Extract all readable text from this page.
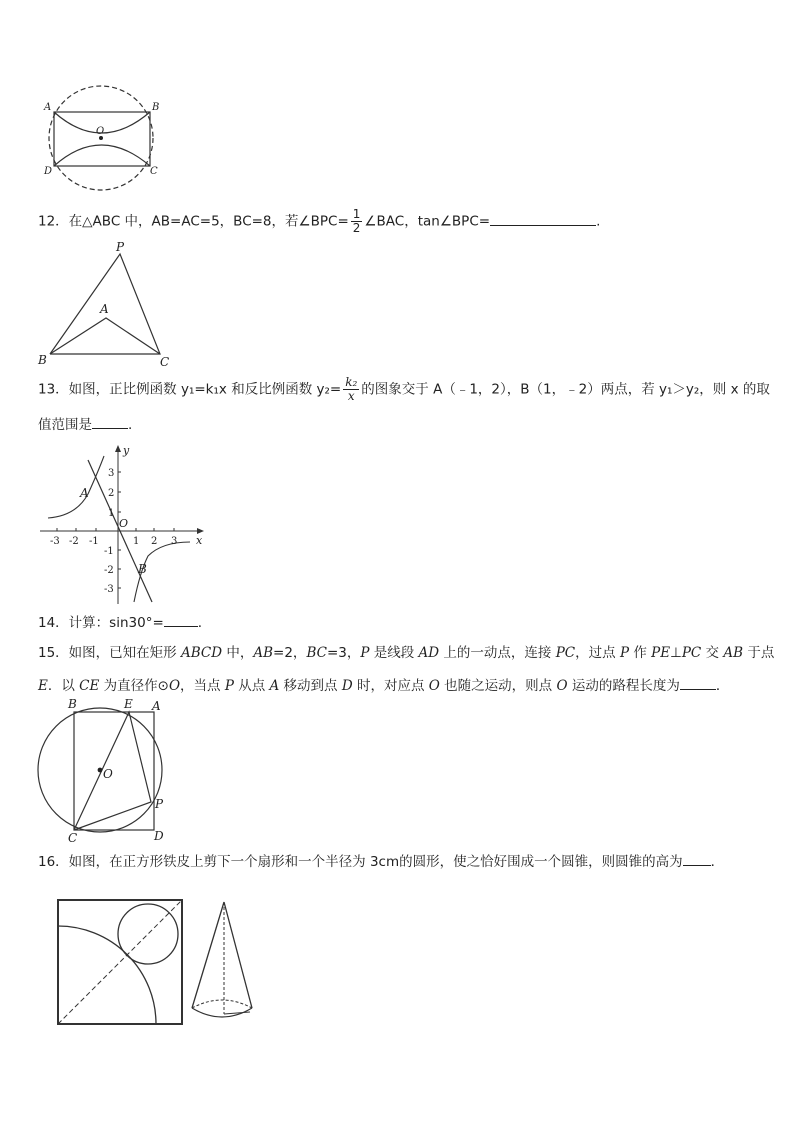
A	B
O
D	C
12．在△ABC 中，AB=AC=5，BC=8，若∠BPC= $\frac{1}{2}$ ∠BAC，tan∠BPC=	.
P
A
B	C
13．如图，正比例函数 y₁=k₁x 和反比例函数 $y_2= \frac{\text{k₂}}{x}$ 的图象交于 A（﹣1，2），B（1，﹣2）两点，若 y₁＞y₂，则 x 的取
值范围是	.
x
y
O
-3 -2 -1	1 2 3
3
2
1
-1
-2
-3
A
B
14．计算：sin30°=	.
15．如图，已知在矩形 ABCD 中，AB=2，BC=3，P 是线段 AD 上的一动点，连接 PC，过点 P 作 PE⊥PC 交 AB 于点
E．以 CE 为直径作⊙O，当点 P 从点 A 移动到点 D 时，对应点 O 也随之运动，则点 O 运动的路程长度为	．
B	E A
O
P
C	D
16．如图，在正方形铁皮上剪下一个扇形和一个半径为 3cm的圆形，使之恰好围成一个圆锥，则圆锥的高为 ．
